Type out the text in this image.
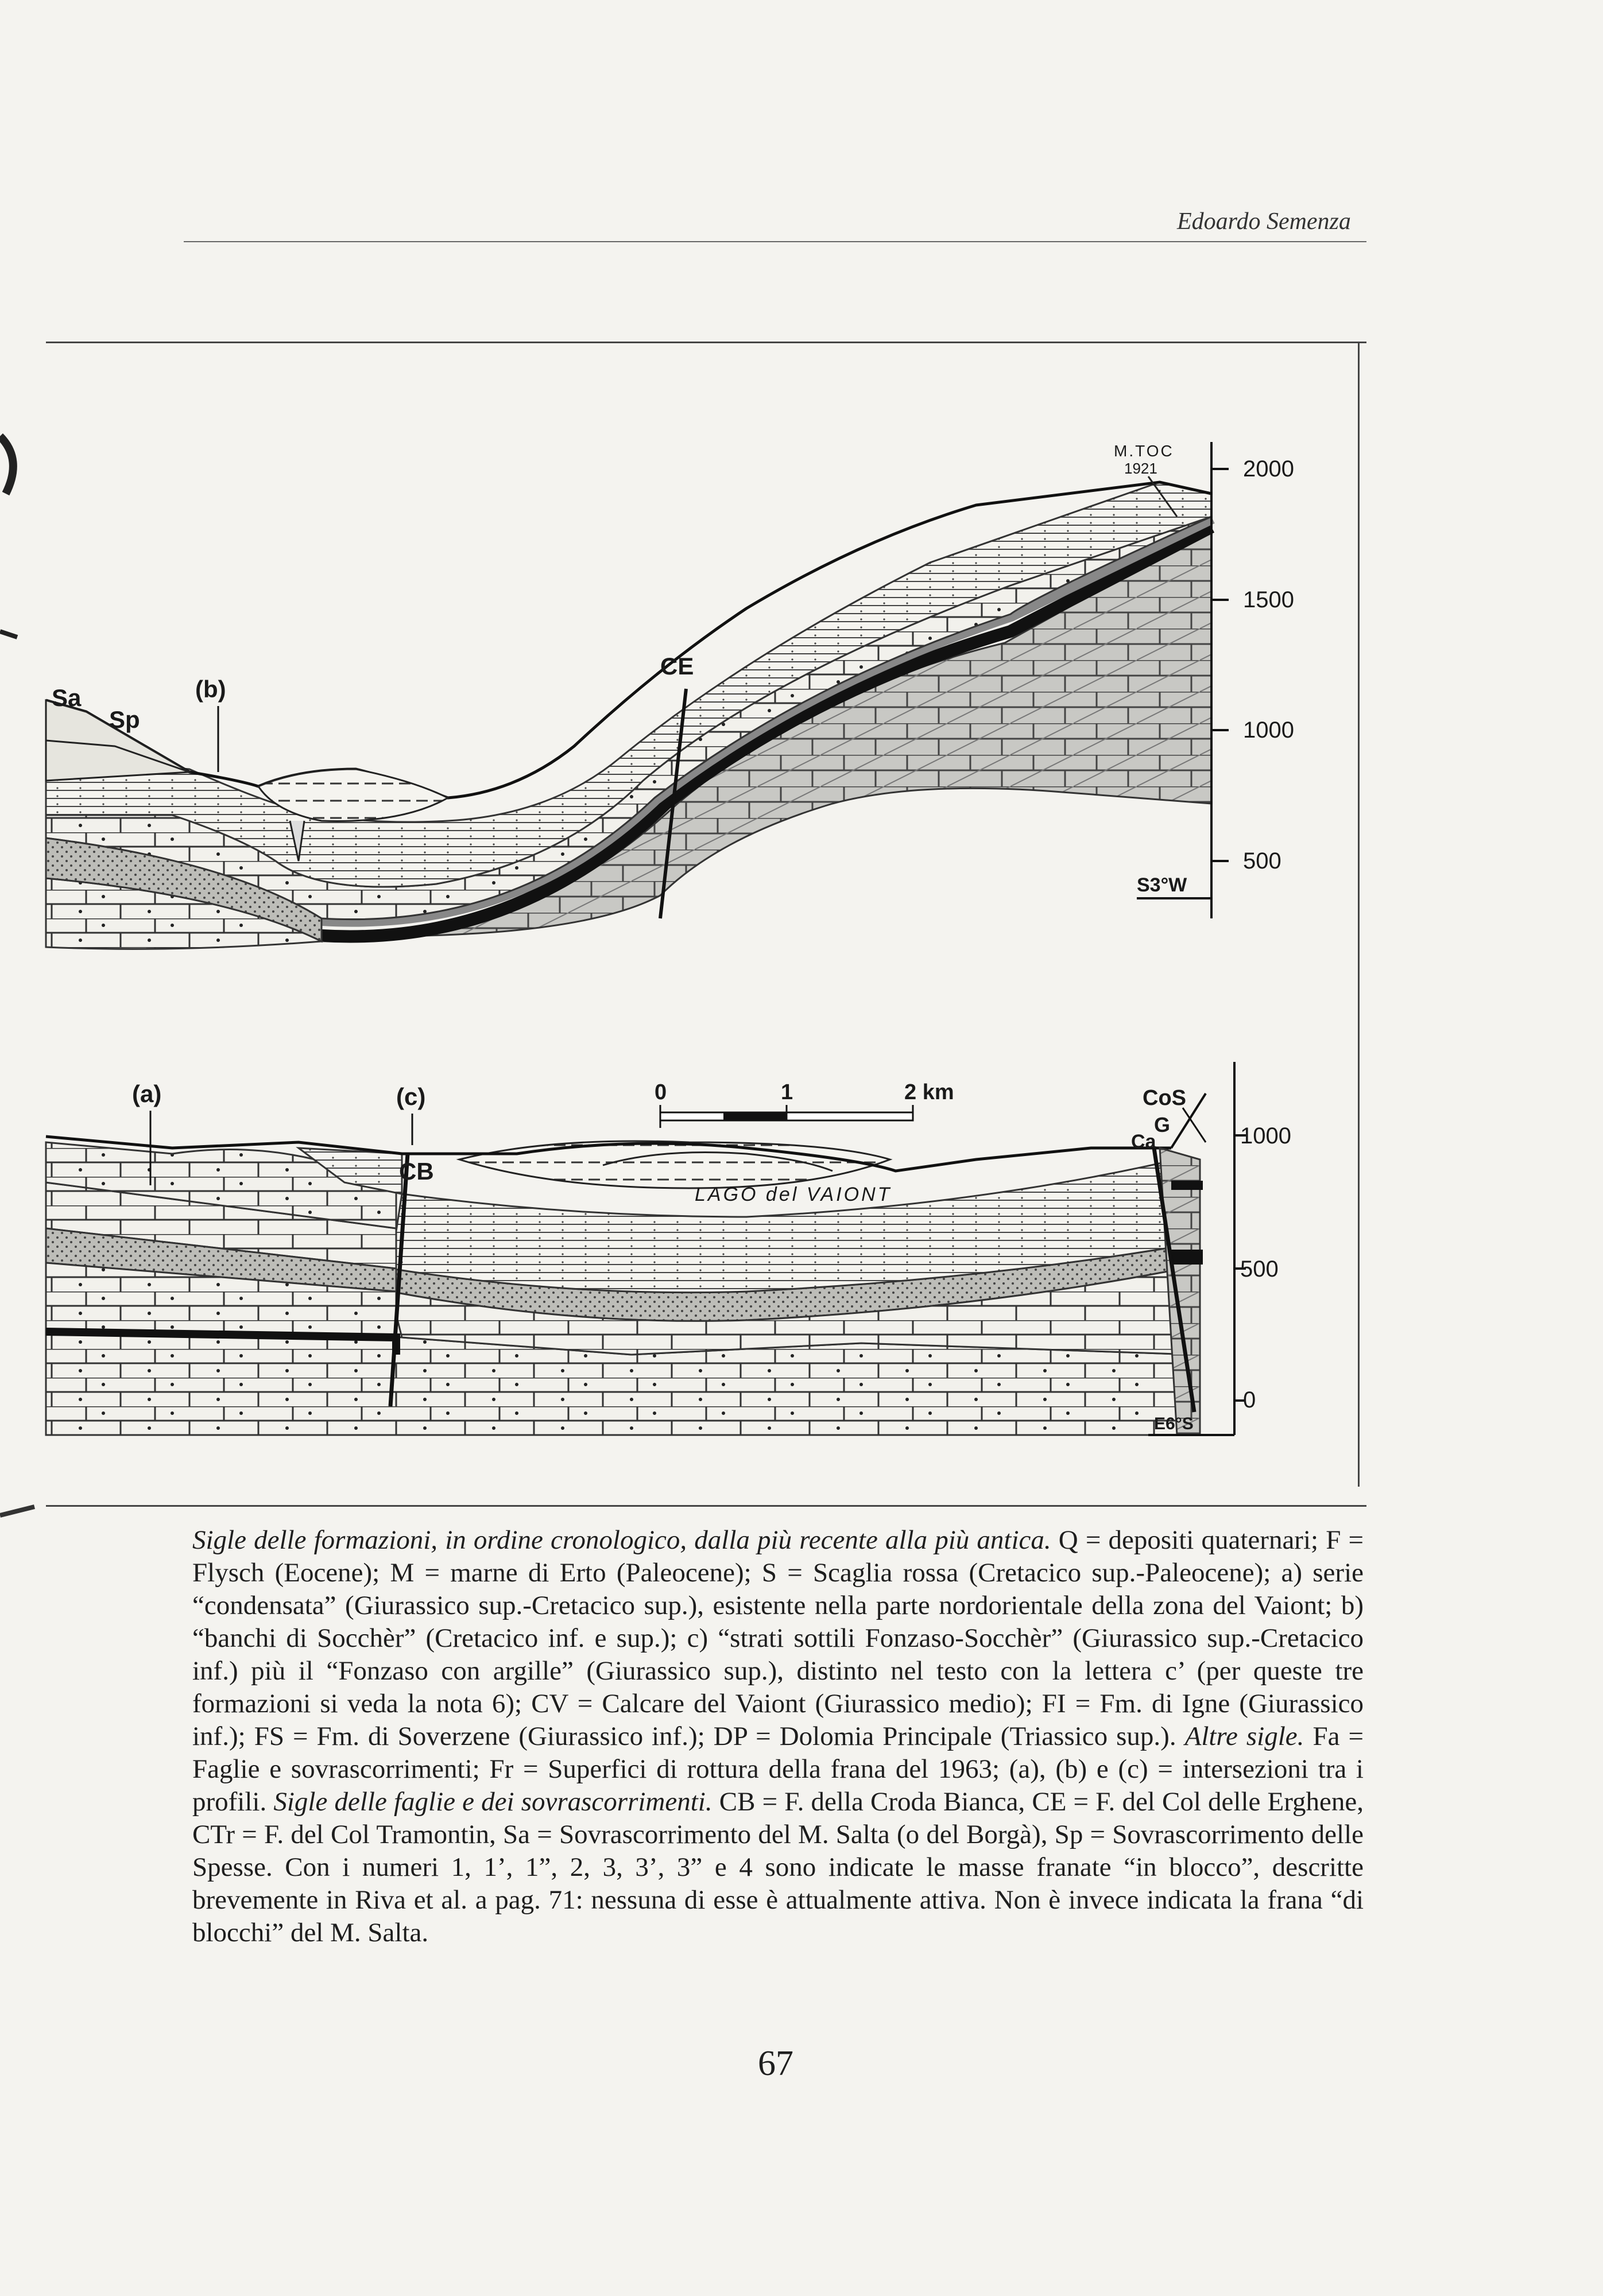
Edoardo Semenza
M.TOC
1921	2000
1500
1000
500
S3°W
Sa
Sp
(b)
CE
0	1	2 km
(a)	(c)
CB
LAGO del VAIONT
CoS
G
Ca	1000
500
0
E6°S
Sigle delle formazioni, in ordine cronologico, dalla più recente alla più antica. Q = depositi quaternari; F = Flysch (Eocene); M = marne di Erto (Paleocene); S = Scaglia rossa (Cretacico sup.-Paleocene); a) serie “condensata” (Giurassico sup.-Cretacico sup.), esistente nella parte nordorientale della zona del Vaiont; b) “banchi di Socchèr” (Cretacico inf. e sup.); c) “strati sottili Fonzaso-Socchèr” (Giurassico sup.-Cretacico inf.) più il “Fonzaso con argille” (Giurassico sup.), distinto nel testo con la lettera c’ (per queste tre formazioni si veda la nota 6); CV = Calcare del Vaiont (Giurassico medio); FI = Fm. di Igne (Giurassico inf.); FS = Fm. di Soverzene (Giurassico inf.); DP = Dolomia Principale (Triassico sup.). Altre sigle. Fa = Faglie e sovrascorrimenti; Fr = Superfici di rottura della frana del 1963; (a), (b) e (c) = intersezioni tra i profili. Sigle delle faglie e dei sovrascorrimenti. CB = F. della Croda Bianca, CE = F. del Col delle Erghene, CTr = F. del Col Tramontin, Sa = Sovrascorrimento del M. Salta (o del Borgà), Sp = Sovrascorrimento delle Spesse. Con i numeri 1, 1’, 1”, 2, 3, 3’, 3” e 4 sono indicate le masse franate “in blocco”, descritte brevemente in Riva et al. a pag. 71: nessuna di esse è attualmente attiva. Non è invece indicata la frana “di blocchi” del M. Salta.
67
